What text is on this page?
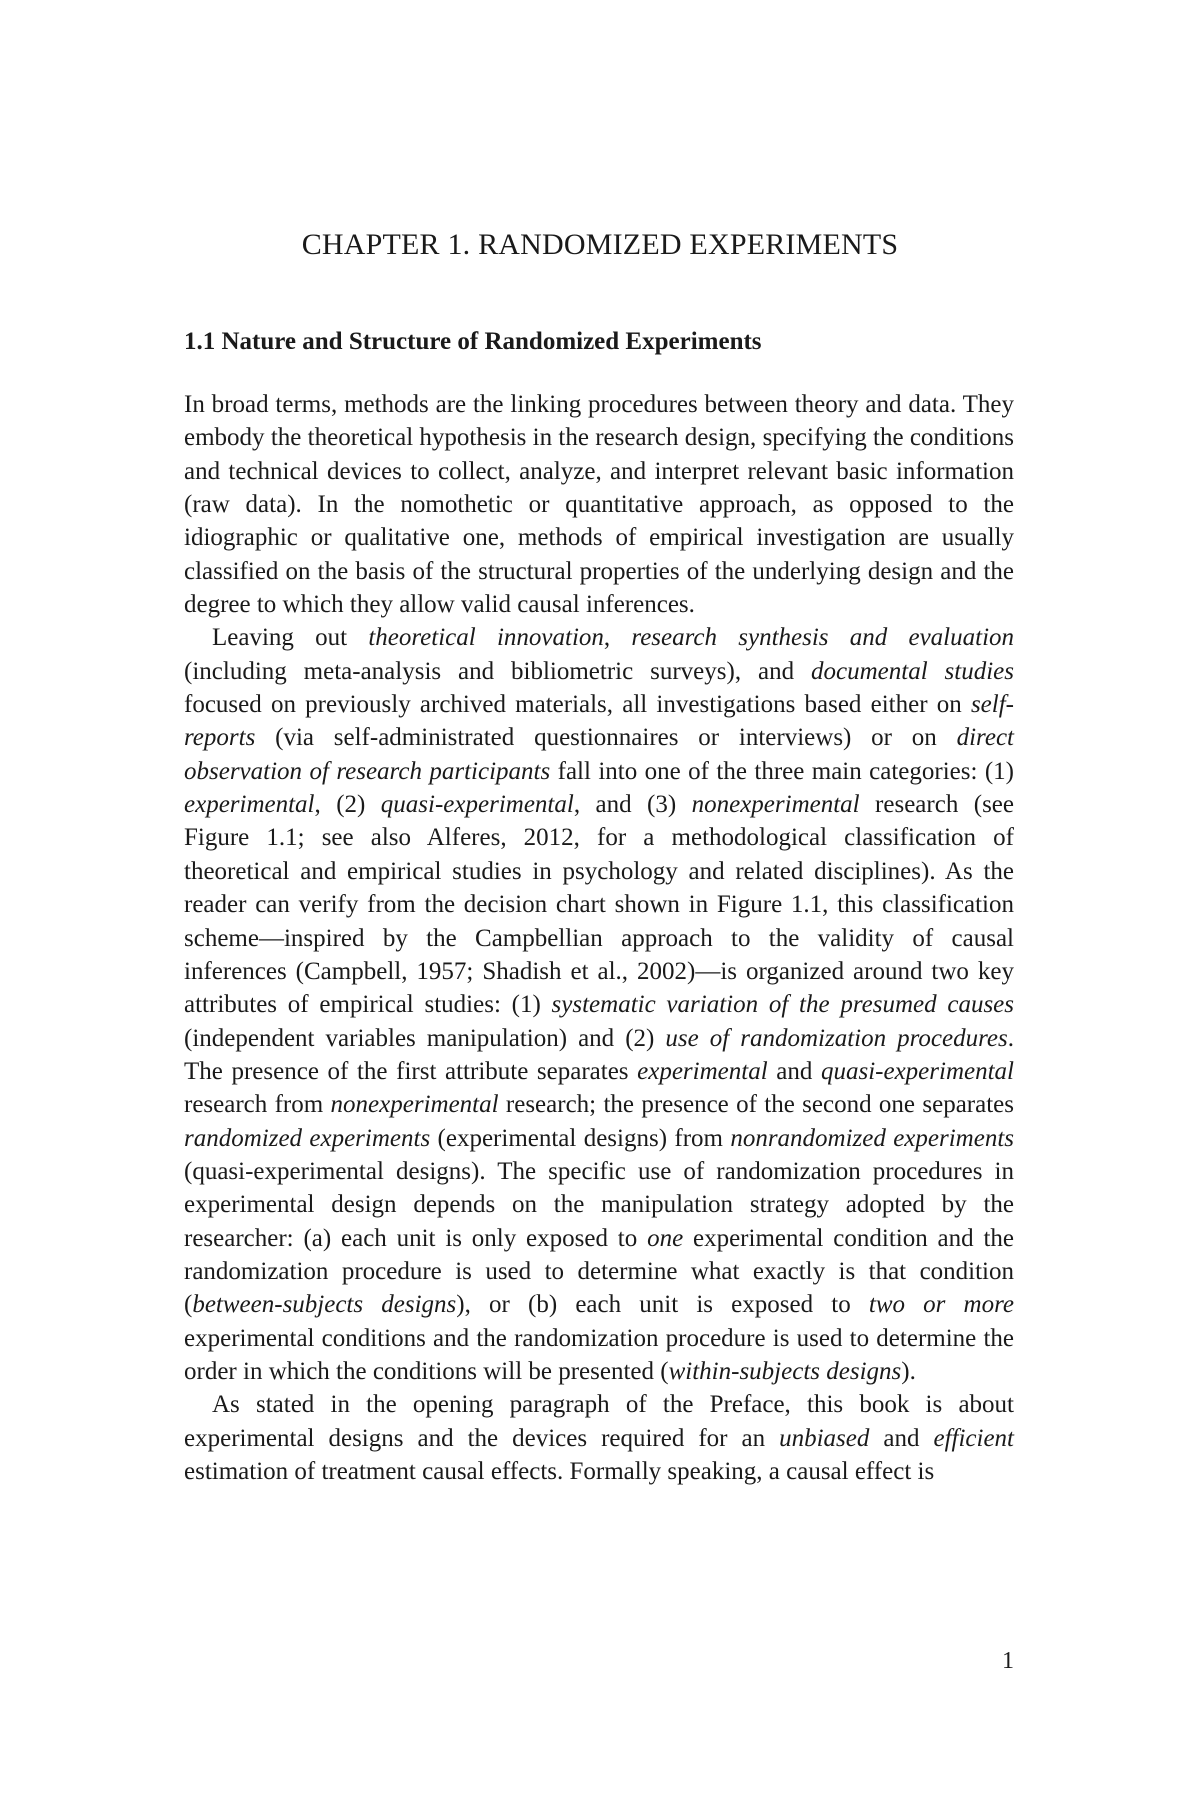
CHAPTER 1. RANDOMIZED EXPERIMENTS
1.1 Nature and Structure of Randomized Experiments

In broad terms, methods are the linking procedures between theory and data. They embody the theoretical hypothesis in the research design, specifying the conditions and technical devices to collect, analyze, and interpret relevant basic information (raw data). In the nomothetic or quantitative approach, as opposed to the idiographic or qualitative one, methods of empirical investigation are usually classified on the basis of the structural properties of the underlying design and the degree to which they allow valid causal inferences.

Leaving out theoretical innovation, research synthesis and evaluation (including meta-analysis and bibliometric surveys), and documental studies focused on previously archived materials, all investigations based either on self-reports (via self-administrated questionnaires or interviews) or on direct observation of research participants fall into one of the three main categories: (1) experimental, (2) quasi-experimental, and (3) nonexperimental research (see Figure 1.1; see also Alferes, 2012, for a methodological classification of theoretical and empirical studies in psychology and related disciplines). As the reader can verify from the decision chart shown in Figure 1.1, this classification scheme—inspired by the Campbellian approach to the validity of causal inferences (Campbell, 1957; Shadish et al., 2002)—is organized around two key attributes of empirical studies: (1) systematic variation of the presumed causes (independent variables manipulation) and (2) use of randomization procedures. The presence of the first attribute separates experimental and quasi-experimental research from nonexperimental research; the presence of the second one separates randomized experiments (experimental designs) from nonrandomized experiments (quasi-experimental designs). The specific use of randomization procedures in experimental design depends on the manipulation strategy adopted by the researcher: (a) each unit is only exposed to one experimental condition and the randomization procedure is used to determine what exactly is that condition (between-subjects designs), or (b) each unit is exposed to two or more experimental conditions and the randomization procedure is used to determine the order in which the conditions will be presented (within-subjects designs).

As stated in the opening paragraph of the Preface, this book is about experimental designs and the devices required for an unbiased and efficient estimation of treatment causal effects. Formally speaking, a causal effect is

1
